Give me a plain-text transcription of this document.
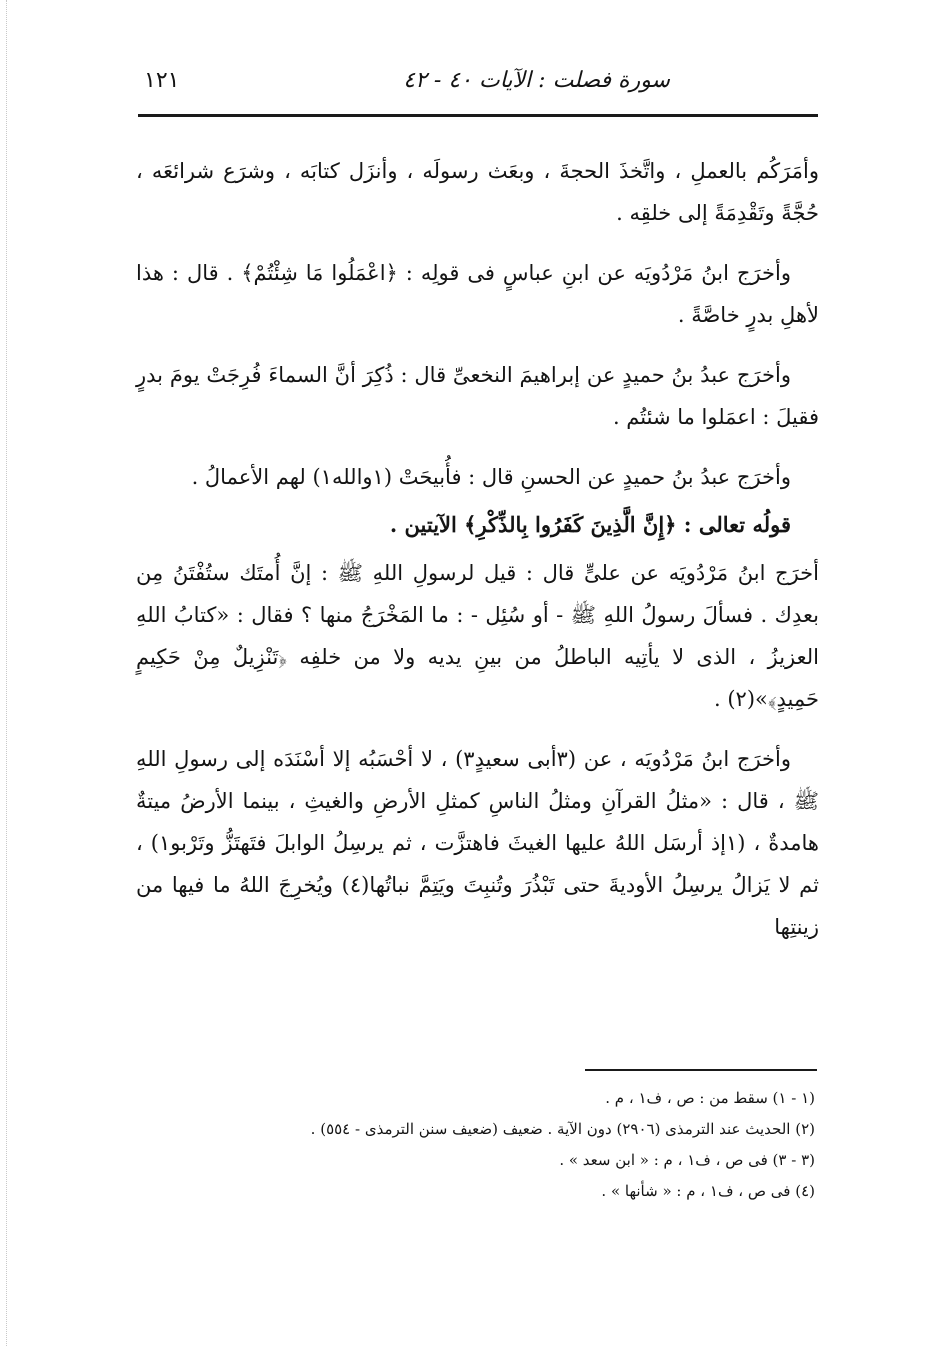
سورة فصلت : الآيات ٤٠ - ٤٢
١٢١

وأمَرَكُم بالعملِ ، واتَّخذَ الحجةَ ، وبعَث رسولَه ، وأنزَل كتابَه ، وشرَع شرائعَه ، حُجَّةً وتَقْدِمَةً إلى خلقِه .

وأخرَج ابنُ مَرْدُويَه عن ابنِ عباسٍ فى قولِه : ﴿اعْمَلُوا مَا شِئْتُمْ﴾ . قال : هذا لأهلِ بدرٍ خاصَّةً .

وأخرَج عبدُ بنُ حميدٍ عن إبراهيمَ النخعىِّ قال : ذُكِرَ أنَّ السماءَ فُرِجَتْ يومَ بدرٍ فقيلَ : اعمَلوا ما شئتُم .

وأخرَج عبدُ بنُ حميدٍ عن الحسنِ قال : فأُبيحَتْ (١والله١) لهم الأعمالُ .

قولُه تعالى : ﴿إِنَّ الَّذِينَ كَفَرُوا بِالذِّكْرِ﴾ الآيتين .

أخرَج ابنُ مَرْدُويَه عن علىٍّ قال : قيل لرسولِ اللهِ ﷺ : إنَّ أُمتَك ستُفْتَنُ مِن بعدِك . فسألَ رسولُ اللهِ ﷺ - أو سُئِل - : ما المَخْرَجُ منها ؟ فقال : «كتابُ اللهِ العزيزُ ، الذى لا يأتِيه الباطلُ من بينِ يديه ولا من خلفِه ﴿تَنْزِيلٌ مِنْ حَكِيمٍ حَمِيدٍ﴾»(٢) .

وأخرَج ابنُ مَرْدُويَه ، عن (٣أبى سعيدٍ٣) ، لا أحْسَبُه إلا أسْنَدَه إلى رسولِ اللهِ ﷺ ، قال : «مثلُ القرآنِ ومثلُ الناسِ كمثلِ الأرضِ والغيثِ ، بينما الأرضُ ميتةٌ هامدةٌ ، (١إذ أرسَل اللهُ عليها الغيثَ فاهتزَّت ، ثم يرسِلُ الوابلَ فتَهتَزُّ وتَرْبو١) ، ثم لا يَزالُ يرسِلُ الأوديةَ حتى تَبْذُرَ وتُنبِتَ ويَتِمَّ نباتُها(٤) ويُخرِجَ اللهُ ما فيها من زينتِها

(١ - ١) سقط من : ص ، ف١ ، م .
(٢) الحديث عند الترمذى (٢٩٠٦) دون الآية . ضعيف (ضعيف سنن الترمذى - ٥٥٤) .
(٣ - ٣) فى ص ، ف١ ، م : « ابن سعد » .
(٤) فى ص ، ف١ ، م : « شأنها » .
